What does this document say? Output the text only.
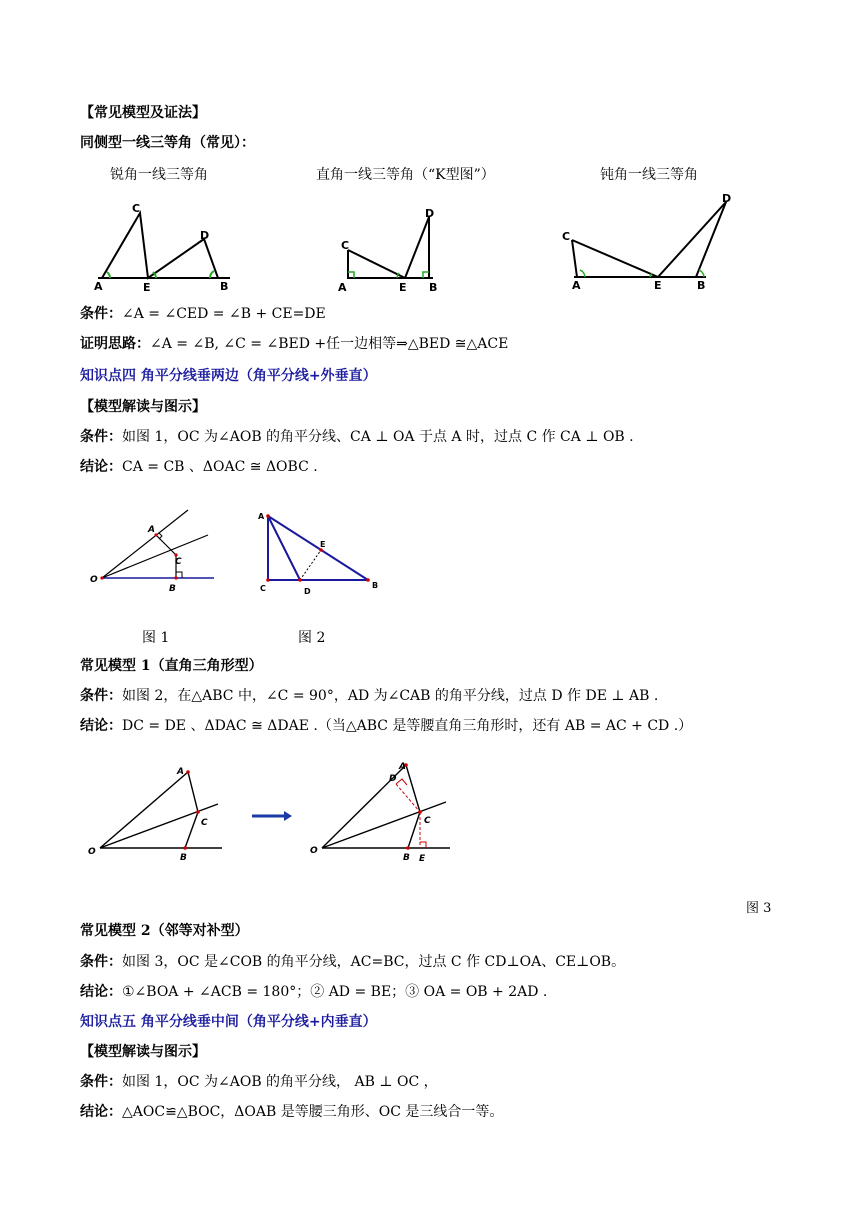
【常见模型及证法】
同侧型一线三等角（常见）：
锐角一线三等角	直角一线三等角（“K型图”）	钝角一线三等角
C
D
A	E	B
C
D
A	E B
C
D
A	E	B
条件：∠A = ∠CED = ∠B + CE=DE
证明思路：∠A = ∠B, ∠C = ∠BED +任一边相等⇒△BED ≅△ACE
知识点四 角平分线垂两边（角平分线+外垂直）
【模型解读与图示】
条件：如图 1，OC 为∠AOB 的角平分线、CA ⊥ OA 于点 A 时，过点 C 作 CA ⊥ OB .
结论：CA = CB 、ΔOAC ≅ ΔOBC .
O
A
C
B
A
E
C	D
B
图 1	图 2
常见模型 1（直角三角形型）
条件：如图 2，在△ABC 中，∠C = 90°，AD 为∠CAB 的角平分线，过点 D 作 DE ⊥ AB .
结论：DC = DE 、ΔDAC ≅ ΔDAE .（当△ABC 是等腰直角三角形时，还有 AB = AC + CD .）
O
A
C
B
O
A
D
C
B E
图 3
常见模型 2（邻等对补型）
条件：如图 3，OC 是∠COB 的角平分线，AC=BC，过点 C 作 CD⊥OA、CE⊥OB。
结论：①∠BOA + ∠ACB = 180°；② AD = BE；③ OA = OB + 2AD .
知识点五 角平分线垂中间（角平分线+内垂直）
【模型解读与图示】
条件：如图 1，OC 为∠AOB 的角平分线， AB ⊥ OC ，
结论：△AOC≌△BOC，ΔOAB 是等腰三角形、OC 是三线合一等。
